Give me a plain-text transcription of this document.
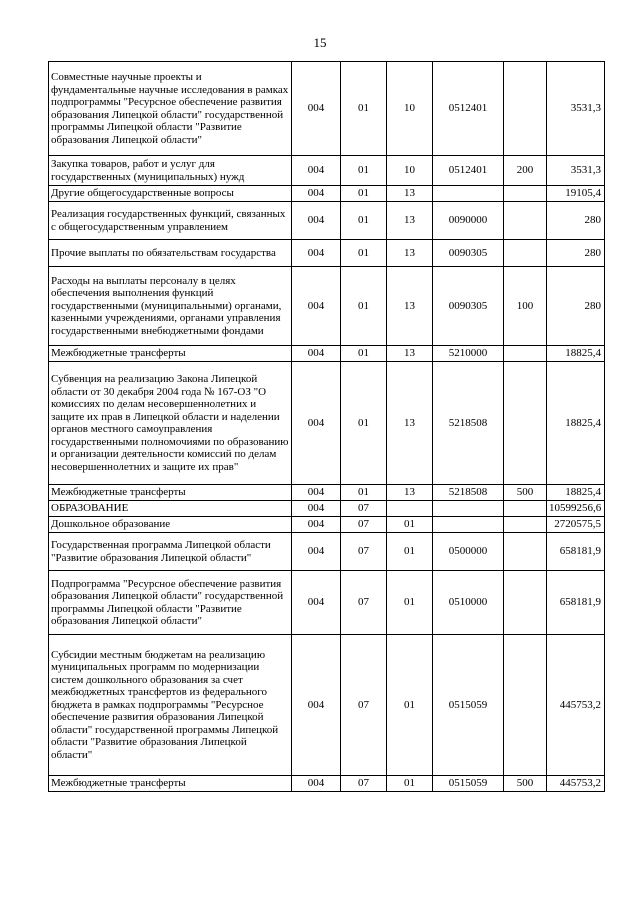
15
Совместные научные проекты и фундаментальные научные исследования в рамках подпрограммы "Ресурсное обеспечение развития образования Липецкой области" государственной программы Липецкой области "Развитие образования Липецкой области"	004	01	10	0512401		3531,3
Закупка товаров, работ и услуг для государственных (муниципальных) нужд	004	01	10	0512401	200	3531,3
Другие общегосударственные вопросы	004	01	13			19105,4
Реализация государственных функций, связанных с общегосударственным управлением	004	01	13	0090000		280
Прочие выплаты по обязательствам государства	004	01	13	0090305		280
Расходы на выплаты персоналу в целях обеспечения выполнения функций государственными (муниципальными) органами, казенными учреждениями, органами управления государственными внебюджетными фондами	004	01	13	0090305	100	280
Межбюджетные трансферты	004	01	13	5210000		18825,4
Субвенция на реализацию Закона Липецкой области от 30 декабря 2004 года № 167-ОЗ "О комиссиях по делам несовершеннолетних и защите их прав в Липецкой области и наделении органов местного самоуправления государственными полномочиями по образованию и организации деятельности комиссий по делам несовершеннолетних и защите их прав"	004	01	13	5218508		18825,4
Межбюджетные трансферты	004	01	13	5218508	500	18825,4
ОБРАЗОВАНИЕ	004	07				10599256,6
Дошкольное образование	004	07	01			2720575,5
Государственная программа Липецкой области "Развитие образования Липецкой области"	004	07	01	0500000		658181,9
Подпрограмма "Ресурсное обеспечение развития образования Липецкой области" государственной программы Липецкой области "Развитие образования Липецкой области"	004	07	01	0510000		658181,9
Субсидии местным бюджетам на реализацию муниципальных программ по модернизации систем дошкольного образования за счет межбюджетных трансфертов из федерального бюджета в рамках подпрограммы "Ресурсное обеспечение развития образования Липецкой области" государственной программы Липецкой области "Развитие образования Липецкой области"	004	07	01	0515059		445753,2
Межбюджетные трансферты	004	07	01	0515059	500	445753,2
